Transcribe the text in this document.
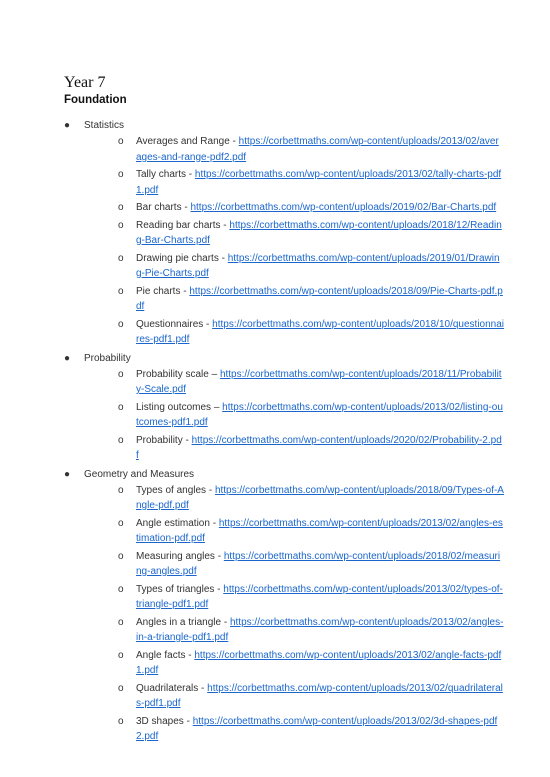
Year 7
Foundation
●	Statistics
o Averages and Range - https://corbettmaths.com/wp-content/uploads/2013/02/averages-and-range-pdf2.pdf
o Tally charts - https://corbettmaths.com/wp-content/uploads/2013/02/tally-charts-pdf1.pdf
o Bar charts - https://corbettmaths.com/wp-content/uploads/2019/02/Bar-Charts.pdf
o Reading bar charts - https://corbettmaths.com/wp-content/uploads/2018/12/Reading-Bar-Charts.pdf
o Drawing pie charts - https://corbettmaths.com/wp-content/uploads/2019/01/Drawing-Pie-Charts.pdf
o Pie charts - https://corbettmaths.com/wp-content/uploads/2018/09/Pie-Charts-pdf.pdf
o Questionnaires - https://corbettmaths.com/wp-content/uploads/2018/10/questionnaires-pdf1.pdf
●	Probability
o Probability scale – https://corbettmaths.com/wp-content/uploads/2018/11/Probability-Scale.pdf
o Listing outcomes – https://corbettmaths.com/wp-content/uploads/2013/02/listing-outcomes-pdf1.pdf
o Probability - https://corbettmaths.com/wp-content/uploads/2020/02/Probability-2.pdf
●	Geometry and Measures
o Types of angles - https://corbettmaths.com/wp-content/uploads/2018/09/Types-of-Angle-pdf.pdf
o Angle estimation - https://corbettmaths.com/wp-content/uploads/2013/02/angles-estimation-pdf.pdf
o Measuring angles - https://corbettmaths.com/wp-content/uploads/2018/02/measuring-angles.pdf
o Types of triangles - https://corbettmaths.com/wp-content/uploads/2013/02/types-of-triangle-pdf1.pdf
o Angles in a triangle - https://corbettmaths.com/wp-content/uploads/2013/02/angles-in-a-triangle-pdf1.pdf
o Angle facts - https://corbettmaths.com/wp-content/uploads/2013/02/angle-facts-pdf1.pdf
o Quadrilaterals - https://corbettmaths.com/wp-content/uploads/2013/02/quadrilaterals-pdf1.pdf
o 3D shapes - https://corbettmaths.com/wp-content/uploads/2013/02/3d-shapes-pdf2.pdf
